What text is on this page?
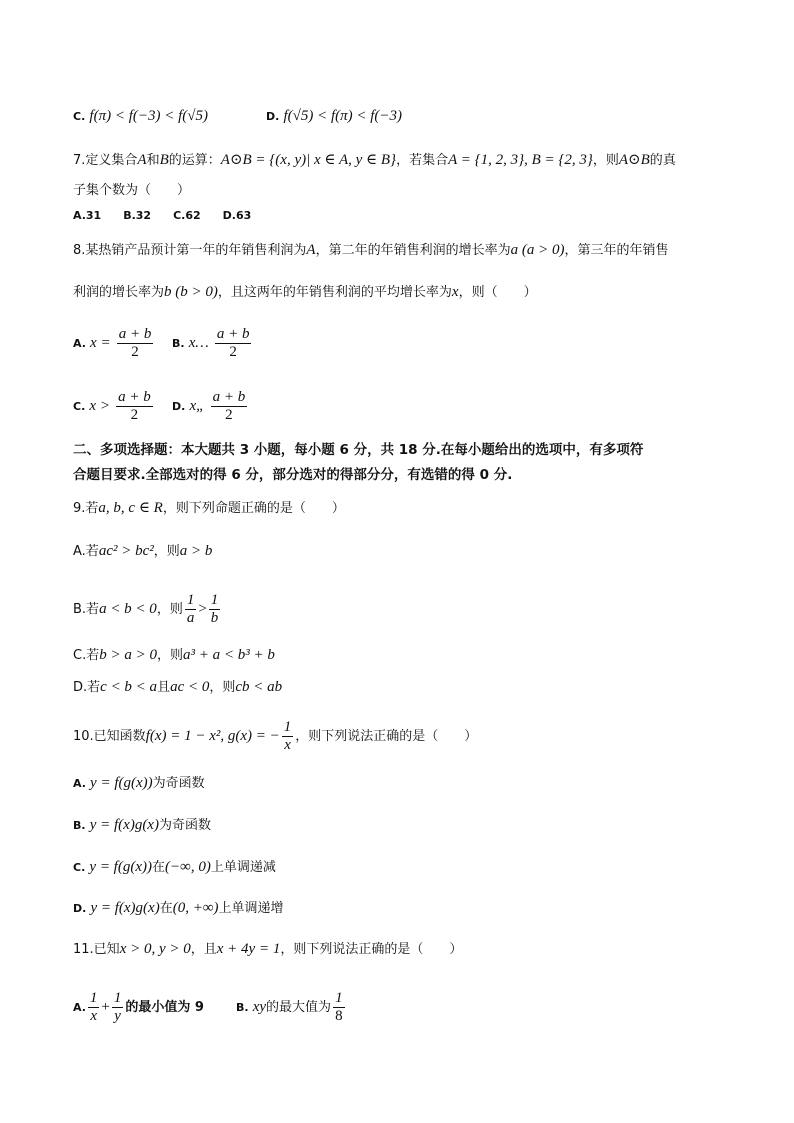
C. f(π) < f(−3) < f(√5)	D. f(√5) < f(π) < f(−3)
7.定义集合A和B的运算：A⊙B = {(x, y)| x ∈ A, y ∈ B}，若集合A = {1, 2, 3}, B = {2, 3}，则A⊙B的真
子集个数为（　　）
A.31 B.32 C.62 D.63
8.某热销产品预计第一年的年销售利润为A，第二年的年销售利润的增长率为a (a > 0)，第三年的年销售
利润的增长率为b (b > 0)，且这两年的年销售利润的平均增长率为x，则（　　）
A. $x = \frac{a + b}{2} B$. x… $\frac{a + b}{2}$
C. $x > \frac{a + b}{2} D$. x„ $\frac{a + b}{2}$
二、多项选择题：本大题共 3 小题，每小题 6 分，共 18 分.在每小题给出的选项中，有多项符
合题目要求.全部选对的得 6 分，部分选对的得部分分，有选错的得 0 分.
9.若a, b, c ∈ R，则下列命题正确的是（　　）
A.若ac² > bc²，则a > b
B.若a < b < 0，则 $\frac{1}{a} > \frac{1}{b}$
C.若b > a > 0，则a³ + a < b³ + b
D.若c < b < a且ac < 0，则cb < ab
10.已知函数f(x) = 1 − x², g(x) = − $\frac{1}{x}$ ，则下列说法正确的是（　　）
A. y = f(g(x))为奇函数
B. y = f(x)g(x)为奇函数
C. y = f(g(x))在(−∞, 0)上单调递减
D. y = f(x)g(x)在(0, +∞)上单调递增
11.已知x > 0, y > 0，且x + 4y = 1，则下列说法正确的是（　　）
A. $\frac{1}{x} + \frac{1}{y}$ 的最小值为 9	B. xy的最大值为 $\frac{1}{8}$
